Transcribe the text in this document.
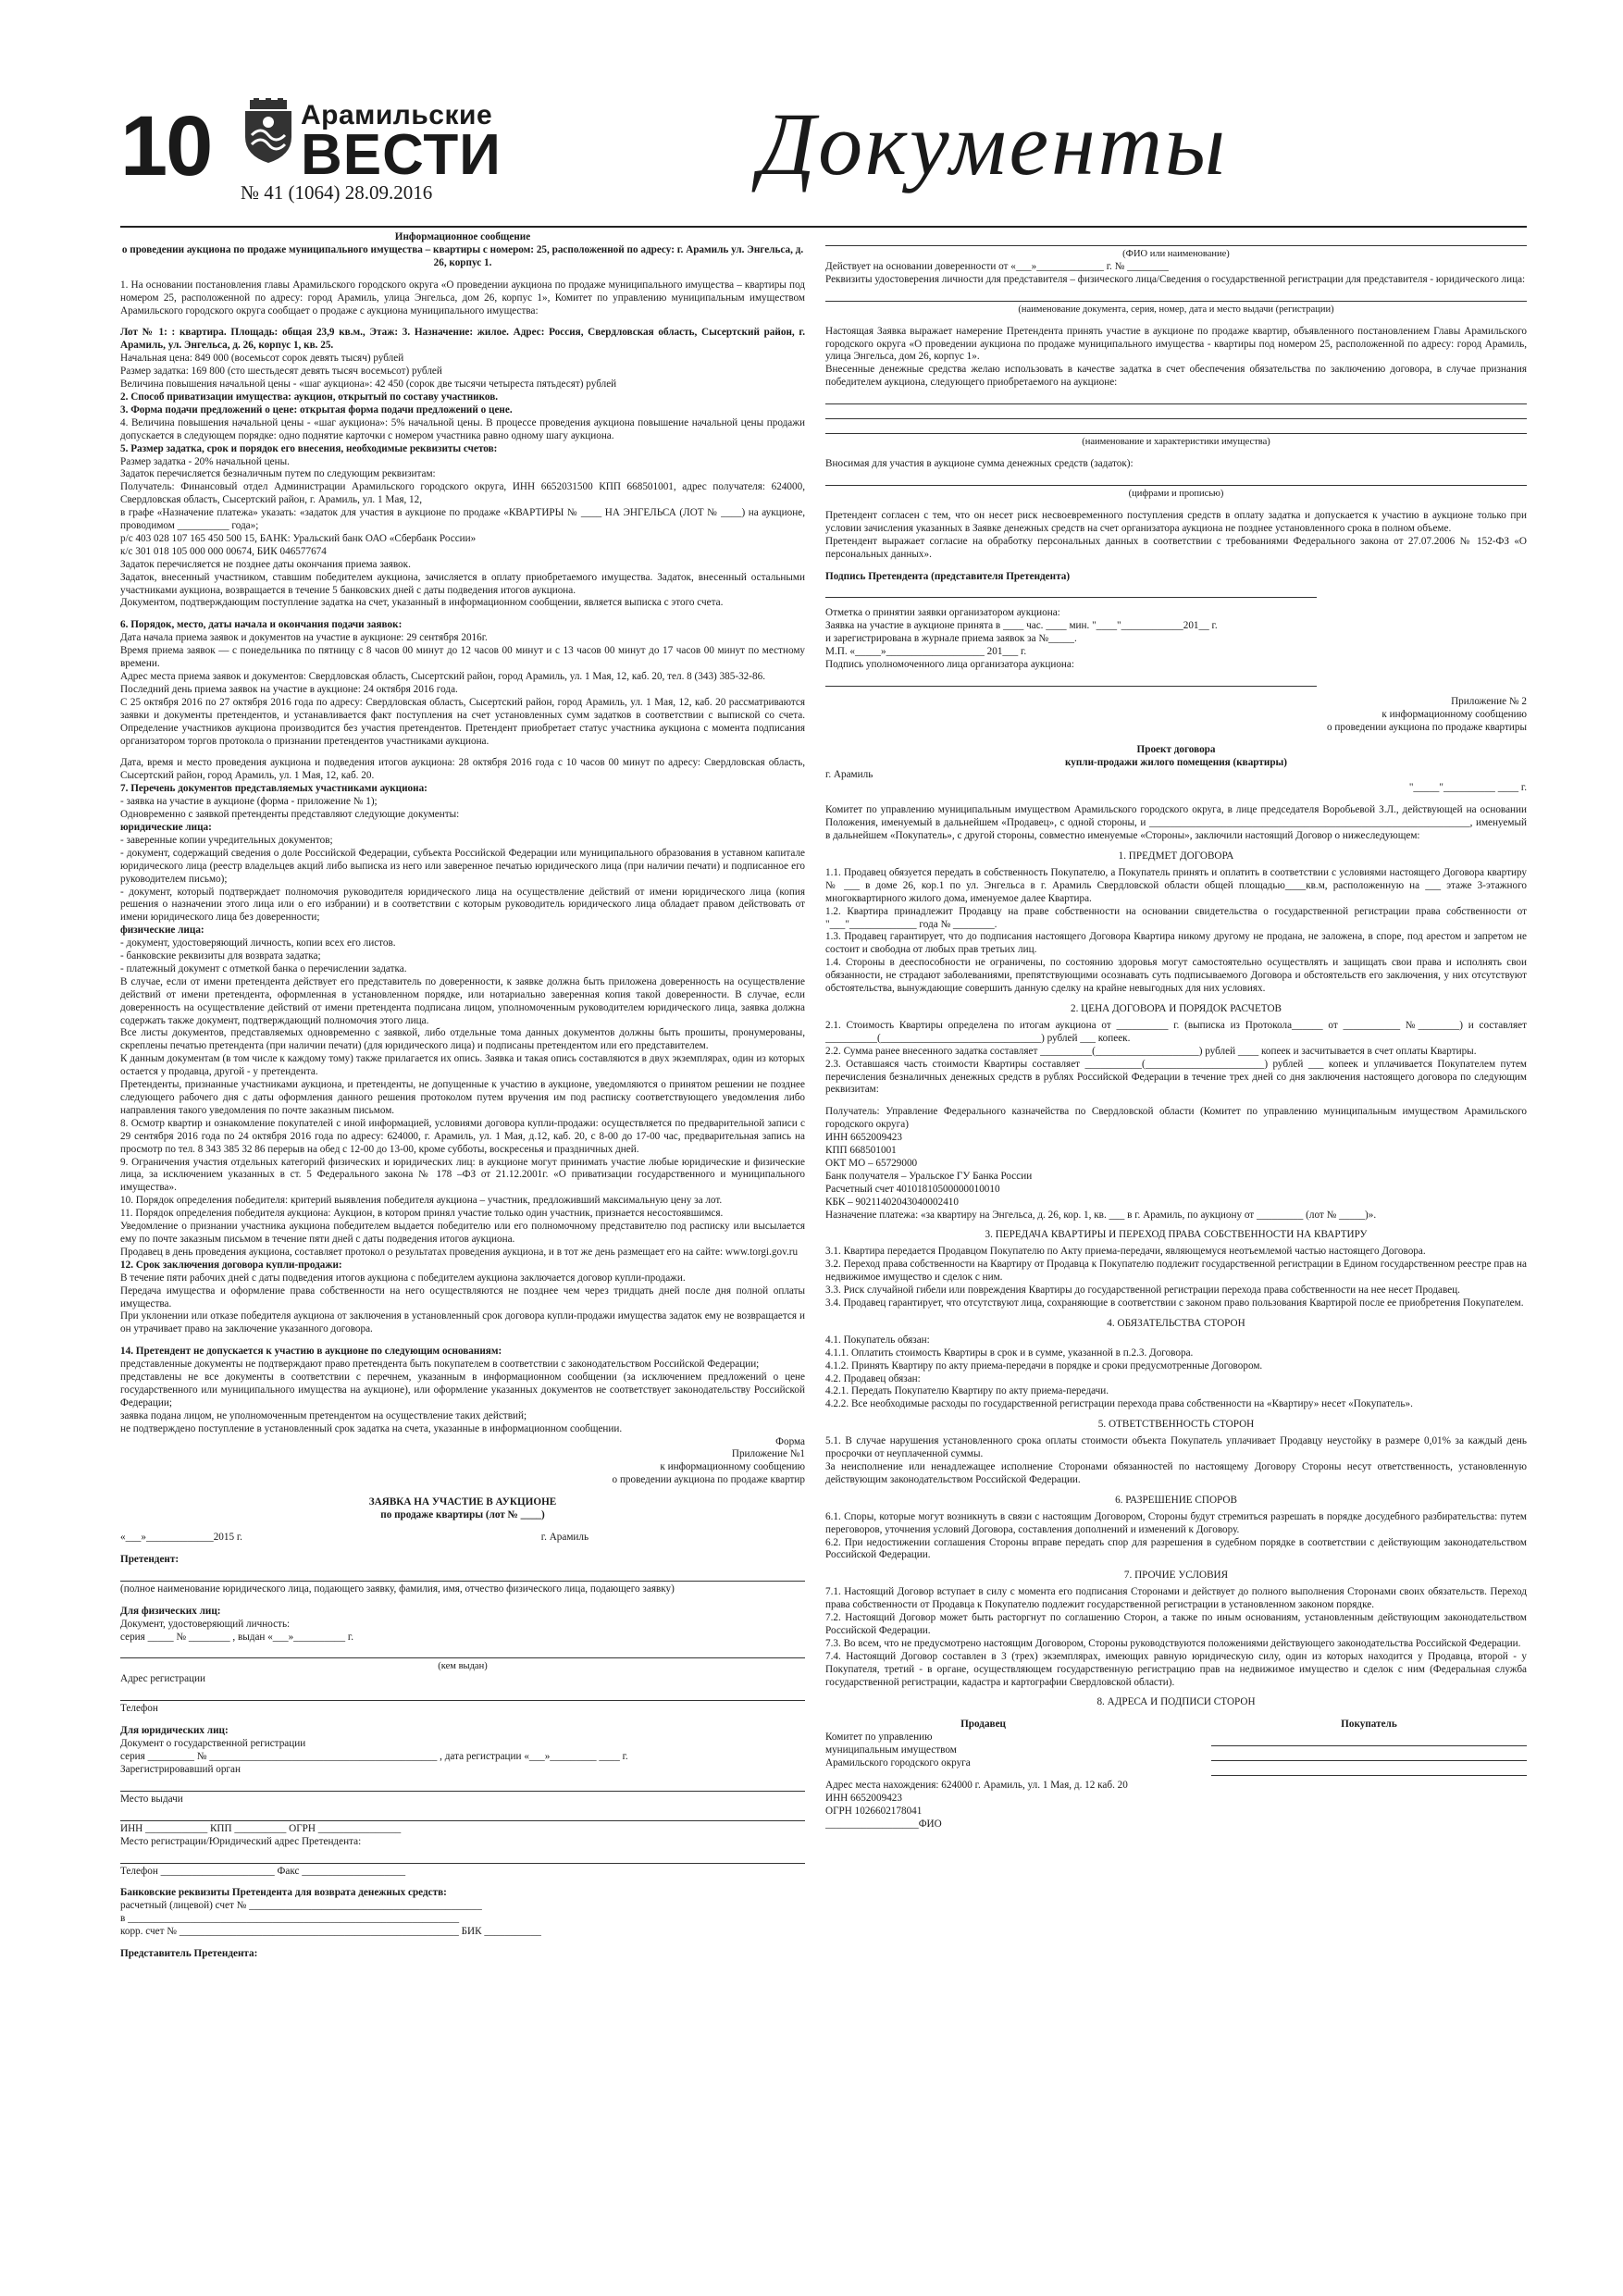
10	Арамильские
ВЕСТИ
№ 41 (1064) 28.09.2016	Документы

Информационное сообщение

о проведении аукциона по продаже муниципального имущества – квартиры с номером: 25, расположенной по адресу: г. Арамиль ул. Энгельса, д. 26, корпус 1.

1. На основании постановления главы Арамильского городского округа «О проведении аукциона по продаже муниципального имущества – квартиры под номером 25, расположенной по адресу: город Арамиль, улица Энгельса, дом 26, корпус 1», Комитет по управлению муниципальным имуществом Арамильского городского округа сообщает о продаже с аукциона муниципального имущества:

Лот № 1: : квартира. Площадь: общая 23,9 кв.м., Этаж: 3. Назначение: жилое. Адрес: Россия, Свердловская область, Сысертский район, г. Арамиль, ул. Энгельса, д. 26, корпус 1, кв. 25.

Начальная цена: 849 000 (восемьсот сорок девять тысяч) рублей

Размер задатка: 169 800 (сто шестьдесят девять тысяч восемьсот) рублей

Величина повышения начальной цены - «шаг аукциона»: 42 450 (сорок две тысячи четыреста пятьдесят) рублей

2. Способ приватизации имущества: аукцион, открытый по составу участников.

3. Форма подачи предложений о цене: открытая форма подачи предложений о цене.

4. Величина повышения начальной цены - «шаг аукциона»: 5% начальной цены. В процессе проведения аукциона повышение начальной цены продажи допускается в следующем порядке: одно поднятие карточки с номером участника равно одному шагу аукциона.

5. Размер задатка, срок и порядок его внесения, необходимые реквизиты счетов:

Размер задатка - 20% начальной цены.

Задаток перечисляется безналичным путем по следующим реквизитам:

Получатель: Финансовый отдел Администрации Арамильского городского округа, ИНН 6652031500 КПП 668501001, адрес получателя: 624000, Свердловская область, Сысертский район, г. Арамиль, ул. 1 Мая, 12,

в графе «Назначение платежа» указать: «задаток для участия в аукционе по продаже «КВАРТИРЫ № ____ НА ЭНГЕЛЬСА (ЛОТ № ____) на аукционе, проводимом __________ года»;

р/с 403 028 107 165 450 500 15, БАНК: Уральский банк ОАО «Сбербанк России»

к/с 301 018 105 000 000 00674, БИК 046577674

Задаток перечисляется не позднее даты окончания приема заявок.

Задаток, внесенный участником, ставшим победителем аукциона, зачисляется в оплату приобретаемого имущества. Задаток, внесенный остальными участниками аукциона, возвращается в течение 5 банковских дней с даты подведения итогов аукциона.

Документом, подтверждающим поступление задатка на счет, указанный в информационном сообщении, является выписка с этого счета.

6. Порядок, место, даты начала и окончания подачи заявок:

Дата начала приема заявок и документов на участие в аукционе: 29 сентября 2016г.

Время приема заявок — с понедельника по пятницу с 8 часов 00 минут до 12 часов 00 минут и с 13 часов 00 минут до 17 часов 00 минут по местному времени.

Адрес места приема заявок и документов: Свердловская область, Сысертский район, город Арамиль, ул. 1 Мая, 12, каб. 20, тел. 8 (343) 385-32-86.

Последний день приема заявок на участие в аукционе: 24 октября 2016 года.

С 25 октября 2016 по 27 октября 2016 года по адресу: Свердловская область, Сысертский район, город Арамиль, ул. 1 Мая, 12, каб. 20 рассматриваются заявки и документы претендентов, и устанавливается факт поступления на счет установленных сумм задатков в соответствии с выпиской со счета. Определение участников аукциона производится без участия претендентов. Претендент приобретает статус участника аукциона с момента подписания организатором торгов протокола о признании претендентов участниками аукциона.

Дата, время и место проведения аукциона и подведения итогов аукциона: 28 октября 2016 года с 10 часов 00 минут по адресу: Свердловская область, Сысертский район, город Арамиль, ул. 1 Мая, 12, каб. 20.

7. Перечень документов представляемых участниками аукциона:

- заявка на участие в аукционе (форма - приложение № 1);

Одновременно с заявкой претенденты представляют следующие документы:

юридические лица:

- заверенные копии учредительных документов;

- документ, содержащий сведения о доле Российской Федерации, субъекта Российской Федерации или муниципального образования в уставном капитале юридического лица (реестр владельцев акций либо выписка из него или заверенное печатью юридического лица (при наличии печати) и подписанное его руководителем письмо);

- документ, который подтверждает полномочия руководителя юридического лица на осуществление действий от имени юридического лица (копия решения о назначении этого лица или о его избрании) и в соответствии с которым руководитель юридического лица обладает правом действовать от имени юридического лица без доверенности;

физические лица:

- документ, удостоверяющий личность, копии всех его листов.

- банковские реквизиты для возврата задатка;

- платежный документ с отметкой банка о перечислении задатка.

В случае, если от имени претендента действует его представитель по доверенности, к заявке должна быть приложена доверенность на осуществление действий от имени претендента, оформленная в установленном порядке, или нотариально заверенная копия такой доверенности. В случае, если доверенность на осуществление действий от имени претендента подписана лицом, уполномоченным руководителем юридического лица, заявка должна содержать также документ, подтверждающий полномочия этого лица.

Все листы документов, представляемых одновременно с заявкой, либо отдельные тома данных документов должны быть прошиты, пронумерованы, скреплены печатью претендента (при наличии печати) (для юридического лица) и подписаны претендентом или его представителем.

К данным документам (в том числе к каждому тому) также прилагается их опись. Заявка и такая опись составляются в двух экземплярах, один из которых остается у продавца, другой - у претендента.

Претенденты, признанные участниками аукциона, и претенденты, не допущенные к участию в аукционе, уведомляются о принятом решении не позднее следующего рабочего дня с даты оформления данного решения протоколом путем вручения им под расписку соответствующего уведомления либо направления такого уведомления по почте заказным письмом.

8. Осмотр квартир и ознакомление покупателей с иной информацией, условиями договора купли-продажи: осуществляется по предварительной записи с 29 сентября 2016 года по 24 октября 2016 года по адресу: 624000, г. Арамиль, ул. 1 Мая, д.12, каб. 20, с 8-00 до 17-00 час, предварительная запись на просмотр по тел. 8 343 385 32 86 перерыв на обед с 12-00 до 13-00, кроме субботы, воскресенья и праздничных дней.

9. Ограничения участия отдельных категорий физических и юридических лиц: в аукционе могут принимать участие любые юридические и физические лица, за исключением указанных в ст. 5 Федерального закона № 178 –ФЗ от 21.12.2001г. «О приватизации государственного и муниципального имущества».

10. Порядок определения победителя: критерий выявления победителя аукциона – участник, предложивший максимальную цену за лот.

11. Порядок определения победителя аукциона: Аукцион, в котором принял участие только один участник, признается несостоявшимся.

Уведомление о признании участника аукциона победителем выдается победителю или его полномочному представителю под расписку или высылается ему по почте заказным письмом в течение пяти дней с даты подведения итогов аукциона.

Продавец в день проведения аукциона, составляет протокол о результатах проведения аукциона, и в тот же день размещает его на сайте: www.torgi.gov.ru

12. Срок заключения договора купли-продажи:

В течение пяти рабочих дней с даты подведения итогов аукциона с победителем аукциона заключается договор купли-продажи.

Передача имущества и оформление права собственности на него осуществляются не позднее чем через тридцать дней после дня полной оплаты имущества.

При уклонении или отказе победителя аукциона от заключения в установленный срок договора купли-продажи имущества задаток ему не возвращается и он утрачивает право на заключение указанного договора.

14. Претендент не допускается к участию в аукционе по следующим основаниям:

представленные документы не подтверждают право претендента быть покупателем в соответствии с законодательством Российской Федерации;

представлены не все документы в соответствии с перечнем, указанным в информационном сообщении (за исключением предложений о цене государственного или муниципального имущества на аукционе), или оформление указанных документов не соответствует законодательству Российской Федерации;

заявка подана лицом, не уполномоченным претендентом на осуществление таких действий;

не подтверждено поступление в установленный срок задатка на счета, указанные в информационном сообщении.

Форма

Приложение №1

к информационному сообщению

о проведении аукциона по продаже квартир

ЗАЯВКА НА УЧАСТИЕ В АУКЦИОНЕ

по продаже квартиры (лот № ____)

«___»_____________2015 г.	г. Арамиль

Претендент:

(полное наименование юридического лица, подающего заявку, фамилия, имя, отчество физического лица, подающего заявку)

Для физических лиц:

Документ, удостоверяющий личность:

серия _____ № ________ , выдан «___»__________ г.

(кем выдан)

Адрес регистрации

Телефон

Для юридических лиц:

Документ о государственной регистрации

серия _________ № ____________________________________________ , дата регистрации «___»_________ ____ г.

Зарегистрировавший орган

Место выдачи

ИНН ____________ КПП __________ ОГРН ________________

Место регистрации/Юридический адрес Претендента:

Телефон ______________________ Факс ____________________

Банковские реквизиты Претендента для возврата денежных средств:

расчетный (лицевой) счет № _____________________________________________

в ________________________________________________________________

корр. счет № ______________________________________________________ БИК ___________

Представитель Претендента:

(ФИО или наименование)

Действует на основании доверенности от «___»_____________ г. № ________

Реквизиты удостоверения личности для представителя – физического лица/Сведения о государственной регистрации для представителя - юридического лица:

(наименование документа, серия, номер, дата и место выдачи (регистрации)

Настоящая Заявка выражает намерение Претендента принять участие в аукционе по продаже квартир, объявленного постановлением Главы Арамильского городского округа «О проведении аукциона по продаже муниципального имущества - квартиры под номером 25, расположенной по адресу: город Арамиль, улица Энгельса, дом 26, корпус 1».

Внесенные денежные средства желаю использовать в качестве задатка в счет обеспечения обязательства по заключению договора, в случае признания победителем аукциона, следующего приобретаемого на аукционе:

(наименование и характеристики имущества)

Вносимая для участия в аукционе сумма денежных средств (задаток):

(цифрами и прописью)

Претендент согласен с тем, что он несет риск несвоевременного поступления средств в оплату задатка и допускается к участию в аукционе только при условии зачисления указанных в Заявке денежных средств на счет организатора аукциона не позднее установленного срока в полном объеме.

Претендент выражает согласие на обработку персональных данных в соответствии с требованиями Федерального закона от 27.07.2006 № 152-ФЗ «О персональных данных».

Подпись Претендента (представителя Претендента)

Отметка о принятии заявки организатором аукциона:

Заявка на участие в аукционе принята в ____ час. ____ мин. "____"____________201__ г.

и зарегистрирована в журнале приема заявок за №_____.

М.П. «_____»___________________ 201___ г.

Подпись уполномоченного лица организатора аукциона:

Приложение № 2

к информационному сообщению

о проведении аукциона по продаже квартиры

Проект договора

купли-продажи жилого помещения (квартиры)

г. Арамиль

"_____"__________ ____ г.

Комитет по управлению муниципальным имуществом Арамильского городского округа, в лице председателя Воробьевой З.Л., действующей на основании Положения, именуемый в дальнейшем «Продавец», с одной стороны, и ______________________________________________________________, именуемый в дальнейшем «Покупатель», с другой стороны, совместно именуемые «Стороны», заключили настоящий Договор о нижеследующем:

1. ПРЕДМЕТ ДОГОВОРА

1.1. Продавец обязуется передать в собственность Покупателю, а Покупатель принять и оплатить в соответствии с условиями настоящего Договора квартиру № ___ в доме 26, кор.1 по ул. Энгельса в г. Арамиль Свердловской области общей площадью____кв.м, расположенную на ___ этаже 3-этажного многоквартирного жилого дома, именуемое далее Квартира.

1.2. Квартира принадлежит Продавцу на праве собственности на основании свидетельства о государственной регистрации права собственности от "___"_____________ года № ________.

1.3. Продавец гарантирует, что до подписания настоящего Договора Квартира никому другому не продана, не заложена, в споре, под арестом и запретом не состоит и свободна от любых прав третьих лиц.

1.4. Стороны в дееспособности не ограничены, по состоянию здоровья могут самостоятельно осуществлять и защищать свои права и исполнять свои обязанности, не страдают заболеваниями, препятствующими осознавать суть подписываемого Договора и обстоятельств его заключения, у них отсутствуют обстоятельства, вынуждающие совершить данную сделку на крайне невыгодных для них условиях.

2. ЦЕНА ДОГОВОРА И ПОРЯДОК РАСЧЕТОВ

2.1. Стоимость Квартиры определена по итогам аукциона от __________ г. (выписка из Протокола______ от ___________ №________) и составляет __________(_______________________________) рублей ___ копеек.

2.2. Сумма ранее внесенного задатка составляет __________(____________________) рублей ____ копеек и засчитывается в счет оплаты Квартиры.

2.3. Оставшаяся часть стоимости Квартиры составляет ___________(_______________________) рублей ___ копеек и уплачивается Покупателем путем перечисления безналичных денежных средств в рублях Российской Федерации в течение трех дней со дня заключения настоящего договора по следующим реквизитам:

Получатель: Управление Федерального казначейства по Свердловской области (Комитет по управлению муниципальным имуществом Арамильского городского округа)

ИНН 6652009423

КПП 668501001

ОКТ МО – 65729000

Банк получателя – Уральское ГУ Банка России

Расчетный счет 40101810500000010010

КБК – 90211402043040002410

Назначение платежа: «за квартиру на Энгельса, д. 26, кор. 1, кв. ___ в г. Арамиль, по аукциону от _________ (лот № _____)».

3. ПЕРЕДАЧА КВАРТИРЫ И ПЕРЕХОД ПРАВА СОБСТВЕННОСТИ НА КВАРТИРУ

3.1. Квартира передается Продавцом Покупателю по Акту приема-передачи, являющемуся неотъемлемой частью настоящего Договора.

3.2. Переход права собственности на Квартиру от Продавца к Покупателю подлежит государственной регистрации в Едином государственном реестре прав на недвижимое имущество и сделок с ним.

3.3. Риск случайной гибели или повреждения Квартиры до государственной регистрации перехода права собственности на нее несет Продавец.

3.4. Продавец гарантирует, что отсутствуют лица, сохраняющие в соответствии с законом право пользования Квартирой после ее приобретения Покупателем.

4. ОБЯЗАТЕЛЬСТВА СТОРОН

4.1. Покупатель обязан:

4.1.1. Оплатить стоимость Квартиры в срок и в сумме, указанной в п.2.3. Договора.

4.1.2. Принять Квартиру по акту приема-передачи в порядке и сроки предусмотренные Договором.

4.2. Продавец обязан:

4.2.1. Передать Покупателю Квартиру по акту приема-передачи.

4.2.2. Все необходимые расходы по государственной регистрации перехода права собственности на «Квартиру» несет «Покупатель».

5. ОТВЕТСТВЕННОСТЬ СТОРОН

5.1. В случае нарушения установленного срока оплаты стоимости объекта Покупатель уплачивает Продавцу неустойку в размере 0,01% за каждый день просрочки от неуплаченной суммы.

За неисполнение или ненадлежащее исполнение Сторонами обязанностей по настоящему Договору Стороны несут ответственность, установленную действующим законодательством Российской Федерации.

6. РАЗРЕШЕНИЕ СПОРОВ

6.1. Споры, которые могут возникнуть в связи с настоящим Договором, Стороны будут стремиться разрешать в порядке досудебного разбирательства: путем переговоров, уточнения условий Договора, составления дополнений и изменений к Договору.

6.2. При недостижении соглашения Стороны вправе передать спор для разрешения в судебном порядке в соответствии с действующим законодательством Российской Федерации.

7. ПРОЧИЕ УСЛОВИЯ

7.1. Настоящий Договор вступает в силу с момента его подписания Сторонами и действует до полного выполнения Сторонами своих обязательств. Переход права собственности от Продавца к Покупателю подлежит государственной регистрации в установленном законом порядке.

7.2. Настоящий Договор может быть расторгнут по соглашению Сторон, а также по иным основаниям, установленным действующим законодательством Российской Федерации.

7.3. Во всем, что не предусмотрено настоящим Договором, Стороны руководствуются положениями действующего законодательства Российской Федерации.

7.4. Настоящий Договор составлен в 3 (трех) экземплярах, имеющих равную юридическую силу, один из которых находится у Продавца, второй - у Покупателя, третий - в органе, осуществляющем государственную регистрацию прав на недвижимое имущество и сделок с ним (Федеральная служба государственной регистрации, кадастра и картографии Свердловской области).

8. АДРЕСА И ПОДПИСИ СТОРОН

Продавец

Комитет по управлению

муниципальным имуществом

Арамильского городского округа

Адрес места нахождения: 624000 г. Арамиль, ул. 1 Мая, д. 12 каб. 20

ИНН 6652009423

ОГРН 1026602178041

__________________ФИО

Покупатель
